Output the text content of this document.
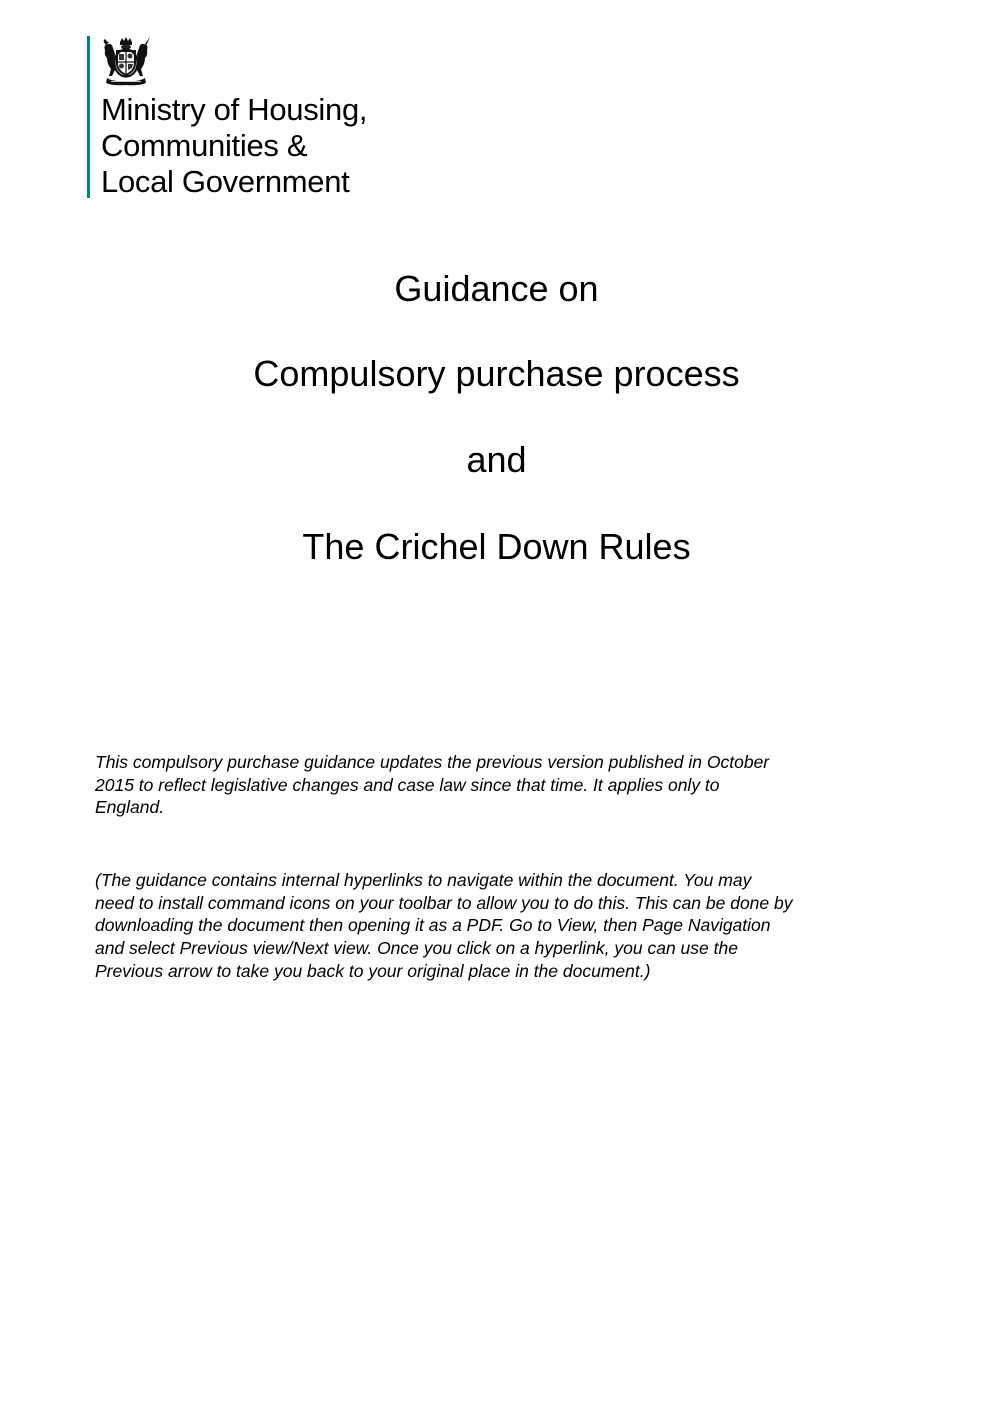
Ministry of Housing,
Communities &
Local Government
Guidance on
Compulsory purchase process
and
The Crichel Down Rules

This compulsory purchase guidance updates the previous version published in October
2015 to reflect legislative changes and case law since that time. It applies only to
England.

(The guidance contains internal hyperlinks to navigate within the document. You may
need to install command icons on your toolbar to allow you to do this. This can be done by
downloading the document then opening it as a PDF. Go to View, then Page Navigation
and select Previous view/Next view. Once you click on a hyperlink, you can use the
Previous arrow to take you back to your original place in the document.)
